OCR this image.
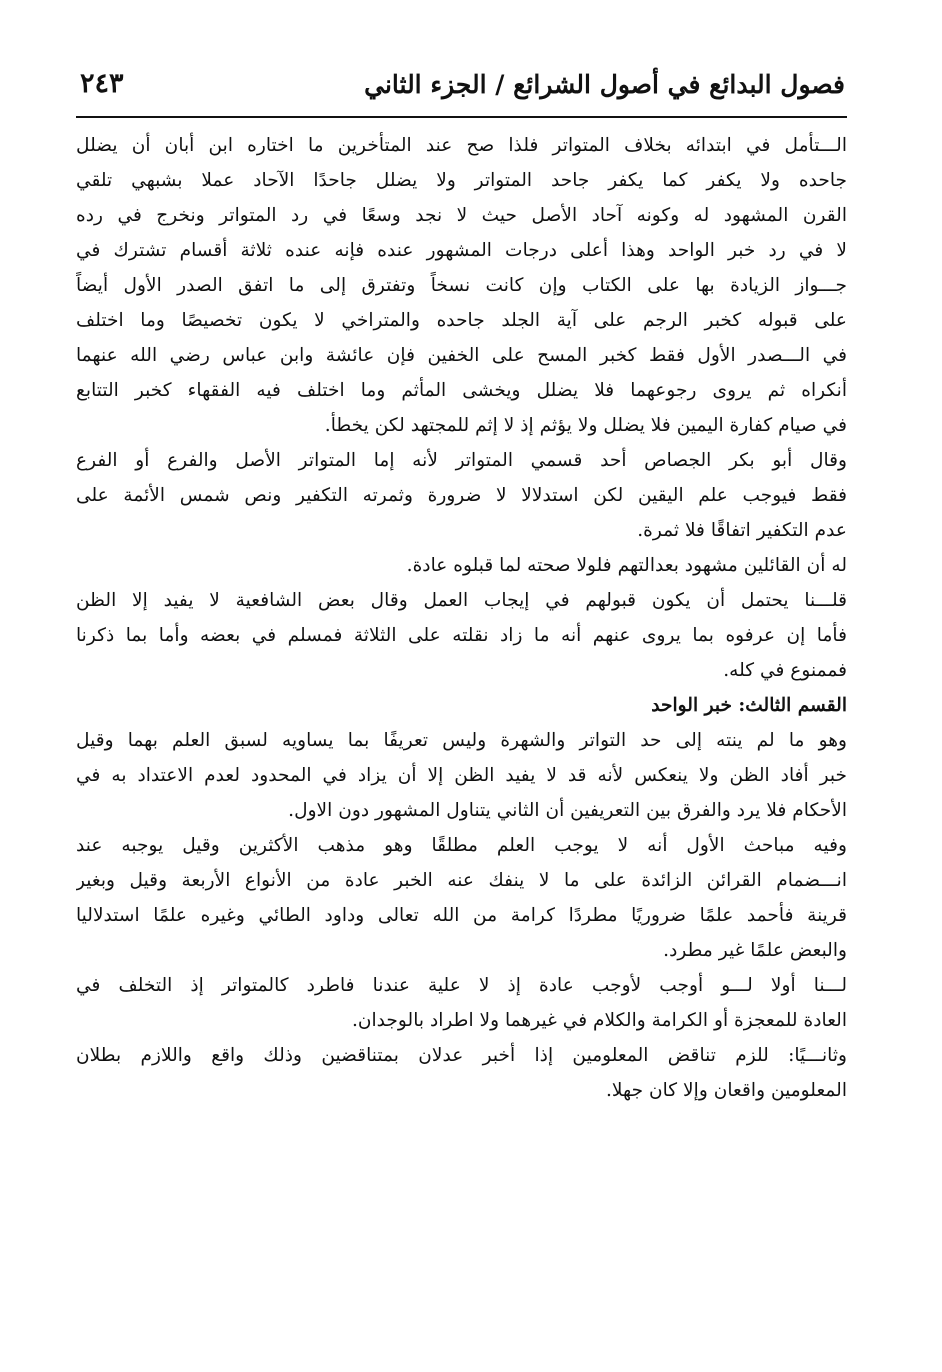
فصول البدائع في أصول الشرائع / الجزء الثاني
٢٤٣
الـــتأمل في ابتدائه بخلاف المتواتر فلذا صح عند المتأخرين ما اختاره ابن أبان أن يضلل
جاحده ولا يكفر كما يكفر جاحد المتواتر ولا يضلل جاحدًا الآحاد عملا بشبهي تلقي
القرن المشهود له وكونه آحاد الأصل حيث لا نجد وسعًا في رد المتواتر ونخرج في رده
لا في رد خبر الواحد وهذا أعلى درجات المشهور عنده فإنه عنده ثلاثة أقسام تشترك في
جـــواز الزيادة بها على الكتاب وإن كانت نسخاً وتفترق إلى ما اتفق الصدر الأول أيضاً
على قبوله كخبر الرجم على آية الجلد جاحده والمتراخي لا يكون تخصيصًا وما اختلف
في الـــصدر الأول فقط كخبر المسح على الخفين فإن عائشة وابن عباس رضي الله عنهما
أنكراه ثم يروى رجوعهما فلا يضلل ويخشى المأثم وما اختلف فيه الفقهاء كخبر التتابع
في صيام كفارة اليمين فلا يضلل ولا يؤثم إذ لا إثم للمجتهد لكن يخطأ.
وقال أبو بكر الجصاص أحد قسمي المتواتر لأنه إما المتواتر الأصل والفرع أو الفرع
فقط فيوجب علم اليقين لكن استدلالا لا ضرورة وثمرته التكفير ونص شمس الأئمة على
عدم التكفير اتفاقًا فلا ثمرة.
له أن القائلين مشهود بعدالتهم فلولا صحته لما قبلوه عادة.
قلـــنا يحتمل أن يكون قبولهم في إيجاب العمل وقال بعض الشافعية لا يفيد إلا الظن
فأما إن عرفوه بما يروى عنهم أنه ما زاد نقلته على الثلاثة فمسلم في بعضه وأما بما ذكرنا
فممنوع في كله.
القسم الثالث: خبر الواحد
وهو ما لم ينته إلى حد التواتر والشهرة وليس تعريفًا بما يساويه لسبق العلم بهما وقيل
خبر أفاد الظن ولا ينعكس لأنه قد لا يفيد الظن إلا أن يزاد في المحدود لعدم الاعتداد به في
الأحكام فلا يرد والفرق بين التعريفين أن الثاني يتناول المشهور دون الاول.
وفيه مباحث الأول أنه لا يوجب العلم مطلقًا وهو مذهب الأكثرين وقيل يوجبه عند
انـــضمام القرائن الزائدة على ما لا ينفك عنه الخبر عادة من الأنواع الأربعة وقيل وبغير
قرينة فأحمد علمًا ضروريًا مطردًا كرامة من الله تعالى وداود الطائي وغيره علمًا استدلاليا
والبعض علمًا غير مطرد.
لـــنا أولا لـــو أوجب لأوجب عادة إذ لا علية عندنا فاطرد كالمتواتر إذ التخلف في
العادة للمعجزة أو الكرامة والكلام في غيرهما ولا اطراد بالوجدان.
وثانـــيًا: للزم تناقض المعلومين إذا أخبر عدلان بمتناقضين وذلك واقع واللازم بطلان
المعلومين واقعان وإلا كان جهلا.
